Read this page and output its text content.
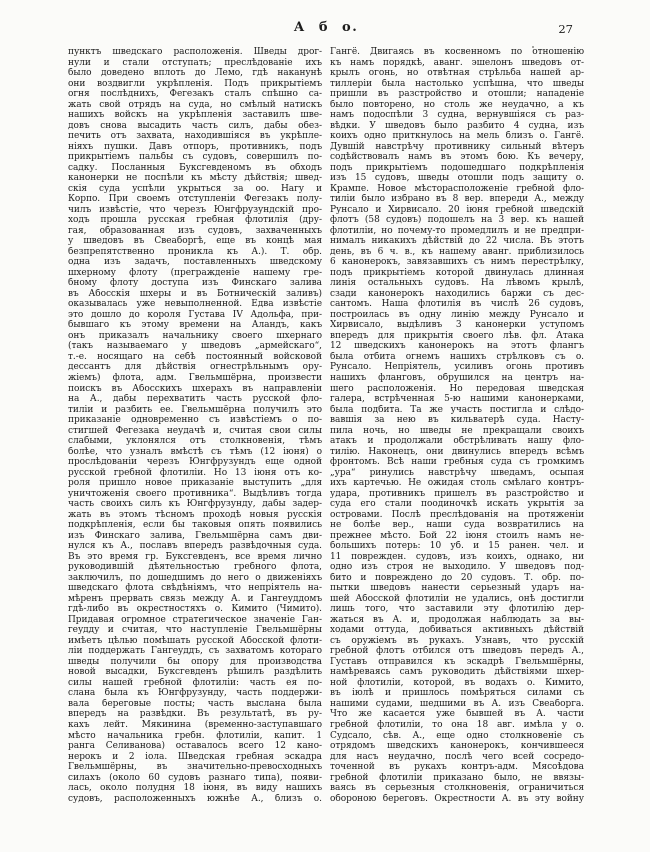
А б о.	27
пунктъ шведскаго расположенія. Шведы дрог-
нули и стали отступать; преслѣдованіе ихъ
было доведено вплоть до Лемо, гдѣ наканунѣ
они воздвигли укрѣпленія. Подъ прикрытіемъ
огня послѣднихъ, Фегезакъ сталъ спѣшно са-
жать свой отрядъ на суда, но смѣлый натискъ
нашихъ войскъ на укрѣпленія заставилъ шве-
довъ снова высадить часть силъ, дабы обез-
печить отъ захвата, находившіяся въ укрѣпле-
ніяхъ пушки. Давъ отпоръ, противникъ, подъ
прикрытіемъ пальбы съ судовъ, совершилъ по-
садку. Посланныя Буксгевденомъ въ обходъ
канонерки не поспѣли къ мѣсту дѣйствія; швед-
скія суда успѣли укрыться за оо. Нагу и
Корпо. При своемъ отступленіи Фегезакъ полу-
чилъ извѣстіе, что черезъ Юнгфрузундскій про-
ходъ прошла русская гребная флотилія (дру-
гая, образованная изъ судовъ, захваченныхъ
у шведовъ въ Свеаборгѣ, еще въ концѣ мая
безпрепятственно проникла къ А.). Т. обр.
одна изъ задачъ, поставленныхъ шведскому
шхерному флоту (прегражденіе нашему гре-
бному флоту доступа изъ Финскаго залива
въ Абосскія шхеры и въ Ботническій заливъ)
оказывалась уже невыполненной. Едва извѣстіе
это дошло до короля Густава IV Адольфа, при-
бывшаго къ этому времени на Аландъ, какъ
онъ приказалъ начальнику своего шхернаго
(такъ называемаго у шведовъ „армейскаго“,
т.-е. носящаго на себѣ постоянный войсковой
дессантъ для дѣйствія огнестрѣльнымъ ору-
жіемъ) флота, адм. Гвельмшёрна, произвести
поискъ въ Абосскихъ шхерахъ въ направленіи
на А., дабы перехватить часть русской фло-
тиліи и разбить ее. Гвельмшёрна получилъ это
приказаніе одновременно съ извѣстіемъ о по-
стигшей Фегезака неудачѣ и, считая свои силы
слабыми, уклонялся отъ столкновенія, тѣмъ
болѣе, что узналъ вмѣстѣ съ тѣмъ (12 іюня) о
прослѣдованіи черезъ Юнгфрузундъ еще одной
русской гребной флотиліи. Но 13 іюня отъ ко-
роля пришло новое приказаніе выступить „для
уничтоженія своего противника“. Выдѣливъ тогда
часть своихъ силъ къ Юнгфрузунду, дабы задер-
жать въ этомъ тѣсномъ проходѣ новыя русскія
подкрѣпленія, если бы таковыя опять появились
изъ Финскаго залива, Гвельмшёрна самъ дви-
нулся къ А., пославъ впередъ развѣдочныя суда.
Въ это время гр. Буксгевденъ, все время лично
руководившій дѣятельностью гребного флота,
заключилъ, по дошедшимъ до него о движеніяхъ
шведскаго флота свѣдѣніямъ, что непріятель на-
мѣренъ прервать связь между А. и Гангеуддомъ
гдѣ-либо въ окрестностяхъ о. Кимито (Чимито).
Придавая огромное стратегическое значеніе Ган-
геудду и считая, что наступленіе Гвельмшёрны
имѣетъ цѣлью помѣшать русской Абосской флоти-
ліи поддержать Гангеуддъ, съ захватомъ котораго
шведы получили бы опору для производства
новой высадки, Буксгевденъ рѣшилъ раздѣлить
силы нашей гребной флотиліи: часть ея по-
слана была къ Юнгфрузунду, часть поддержи-
вала береговые посты; часть выслана была
впередъ на развѣдки. Въ результатѣ, въ ру-
кахъ лейт. Мякинина (временно-заступавшаго
мѣсто начальника гребн. флотиліи, капит. 1
ранга Селиванова) оставалось всего 12 кано-
нерокъ и 2 іола. Шведская гребная эскадра
Гвельмшёрны, въ значительно-превосходныхъ
силахъ (около 60 судовъ разнаго типа), появи-
лась, около полудня 18 іюня, въ виду нашихъ
судовъ, расположенныхъ южнѣе А., близъ о.
Гангё. Двигаясь въ косвенномъ по отношенію
къ намъ порядкѣ, аванг. эшелонъ шведовъ от-
крылъ огонь, но отвѣтная стрѣльба нашей ар-
тиллеріи была настолько успѣшна, что шведы
пришли въ разстройство и отошли; нападеніе
было повторено, но столь же неудачно, а къ
намъ подоспѣли 3 судна, вернувшіяся съ раз-
вѣдки. У шведовъ было разбито 4 судна, изъ
коихъ одно приткнулось на мель близъ о. Гангё.
Дувшій навстрѣчу противнику сильный вѣтеръ
содѣйствовалъ намъ въ этомъ бою. Къ вечеру,
подъ прикрытіемъ подошедшаго подкрѣпленія
изъ 15 судовъ, шведы отошли подъ защиту о.
Крампе. Новое мѣсторасположеніе гребной фло-
тиліи было избрано въ 8 вер. впереди А., между
Рунсало и Хирвисало. 20 іюня гребной шведскій
флотъ (58 судовъ) подошелъ на 3 вер. къ нашей
флотиліи, но почему-то промедлилъ и не предпри-
нималъ никакихъ дѣйствій до 22 числа. Въ этотъ
день, въ 6 ч. в., къ нашему аванг. приблизилось
6 канонерокъ, завязавшихъ съ нимъ перестрѣлку,
подъ прикрытіемъ которой двинулась длинная
линія остальныхъ судовъ. На лѣвомъ крылѣ,
сзади канонерокъ находились баржи съ дес-
сантомъ. Наша флотилія въ числѣ 26 судовъ,
построилась въ одну линію между Рунсало и
Хирвисало, выдѣливъ 3 канонерки уступомъ
впередъ для прикрытія своего лѣв. фл. Атака
12 шведскихъ канонерокъ на этотъ флангъ
была отбита огнемъ нашихъ стрѣлковъ съ о.
Рунсало. Непріятель, усиливъ огонь противъ
нашихъ фланговъ, обрушился на центръ на-
шего расположенія. Но передовая шведская
галера, встрѣченная 5-ю нашими канонерками,
была подбита. Та же участь постигла и слѣдо-
вавшія за нею въ кильватерѣ суда. Насту-
пила ночь, но шведы не прекращали своихъ
атакъ и продолжали обстрѣливать нашу фло-
тилію. Наконецъ, они двинулись впередъ всѣмъ
фронтомъ. Всѣ наши гребныя суда съ громкимъ
„ура“ ринулись навстрѣчу шведамъ, осыпая
ихъ картечью. Не ожидая столь смѣлаго контръ-
удара, противникъ пришелъ въ разстройство и
суда его стали поодиночкѣ искать укрытія за
островами. Послѣ преслѣдованія на протяженіи
не болѣе вер., наши суда возвратились на
прежнее мѣсто. Бой 22 іюня стоилъ намъ не-
большихъ потерь: 10 уб. и 15 ранен. чел. и
11 поврежден. судовъ, изъ коихъ, однако, ни
одно изъ строя не выходило. У шведовъ под-
бито и повреждено до 20 судовъ. Т. обр. по-
пытки шведовъ нанести серьезный ударъ на-
шей Абосской флотиліи не удались, онѣ достигли
лишь того, что заставили эту флотилію дер-
жаться въ А. и, продолжая наблюдать за вы-
ходами оттуда, добиваться активныхъ дѣйствій
съ оружіемъ въ рукахъ. Узнавъ, что русскій
гребной флотъ отбился отъ шведовъ передъ А.,
Густавъ отправился къ эскадрѣ Гвельмшёрны,
намѣреваясь самъ руководить дѣйствіями шхер-
ной флотиліи, которой, въ водахъ о. Кимито,
въ іюлѣ и пришлось помѣряться силами съ
нашими судами, шедшими въ А. изъ Свеаборга.
Что же касается уже бывшей въ А. части
гребной флотиліи, то она 18 авг. имѣла у о.
Судсало, сѣв. А., еще одно столкновеніе съ
отрядомъ шведскихъ канонерокъ, кончившееся
для насъ неудачно, послѣ чего всей сосредо-
точенной въ рукахъ контръ-адм. Мясоѣдова
гребной флотиліи приказано было, не ввязы-
ваясь въ серьезныя столкновенія, ограничиться
обороною береговъ. Окрестности А. въ эту войну
